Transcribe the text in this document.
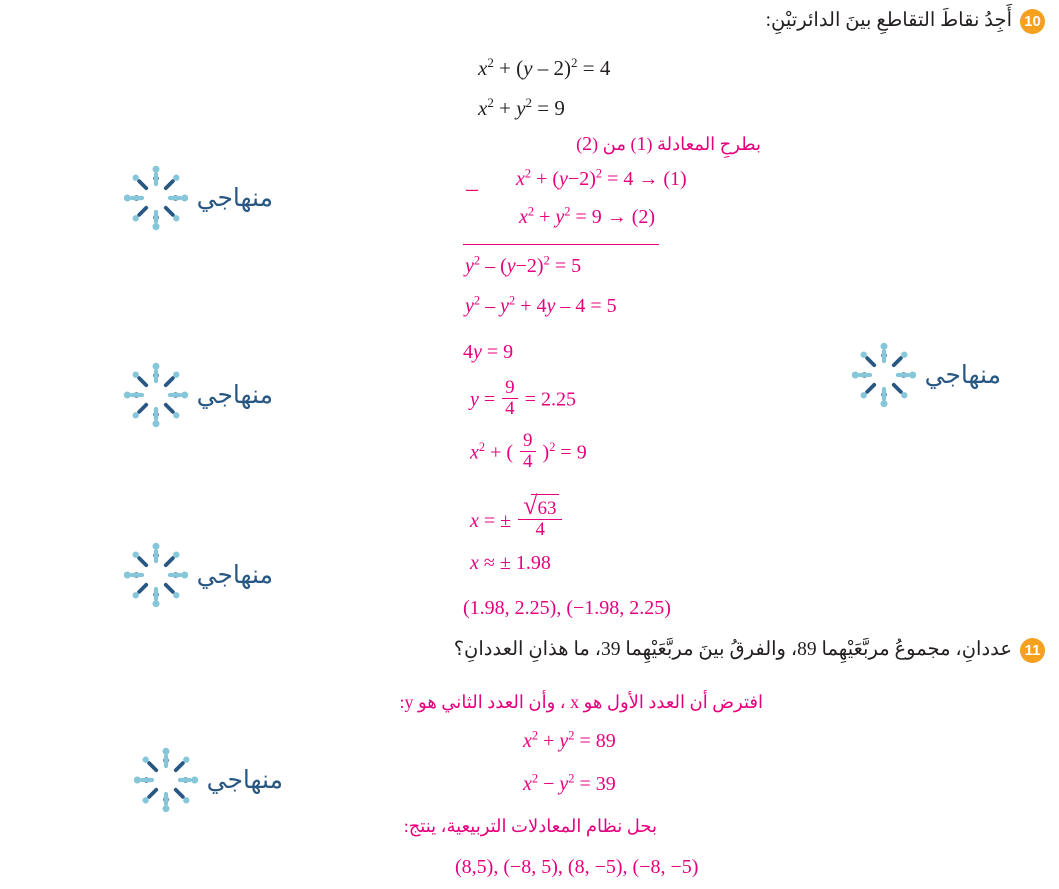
10
أَجِدُ نقاطَ التقاطعِ بينَ الدائرتيْنِ:
$x^2 + (y - 2)^2 = 4$
$x^2 + y^2 = 9$
بطرحِ المعادلة (1) من (2)
– $x^2 + (y-2)^2 = 4 \to (1)$
$x^2 + y^2 = 9 \to (2)$
$y^2 - (y-2)^2 = 5$
$y^2 - y^2 + 4y - 4 = 5$
4y = 9
$y = \frac{9}{4} = 2.25$
$x^2$ + ( $\frac{9}{4} )^2 = 9$
x = ± √
63
4
x ≈ ± 1.98
(1.98, 2.25), (−1.98, 2.25)
11
عددانِ، مجموعُ مربَّعَيْهِما 89، والفرقُ بينَ مربَّعَيْهِما 39، ما هذانِ العددانِ؟
افترض أن العدد الأول هو x ، وأن العدد الثاني هو y:
$x^2 + y^2 = 89$
$x^2 - y^2 = 39$
بحل نظام المعادلات التربيعية، ينتج:
(8,5), (−8, 5), (8, −5), (−8, −5)
منهاجي
منهاجي
منهاجي
منهاجي
منهاجي
